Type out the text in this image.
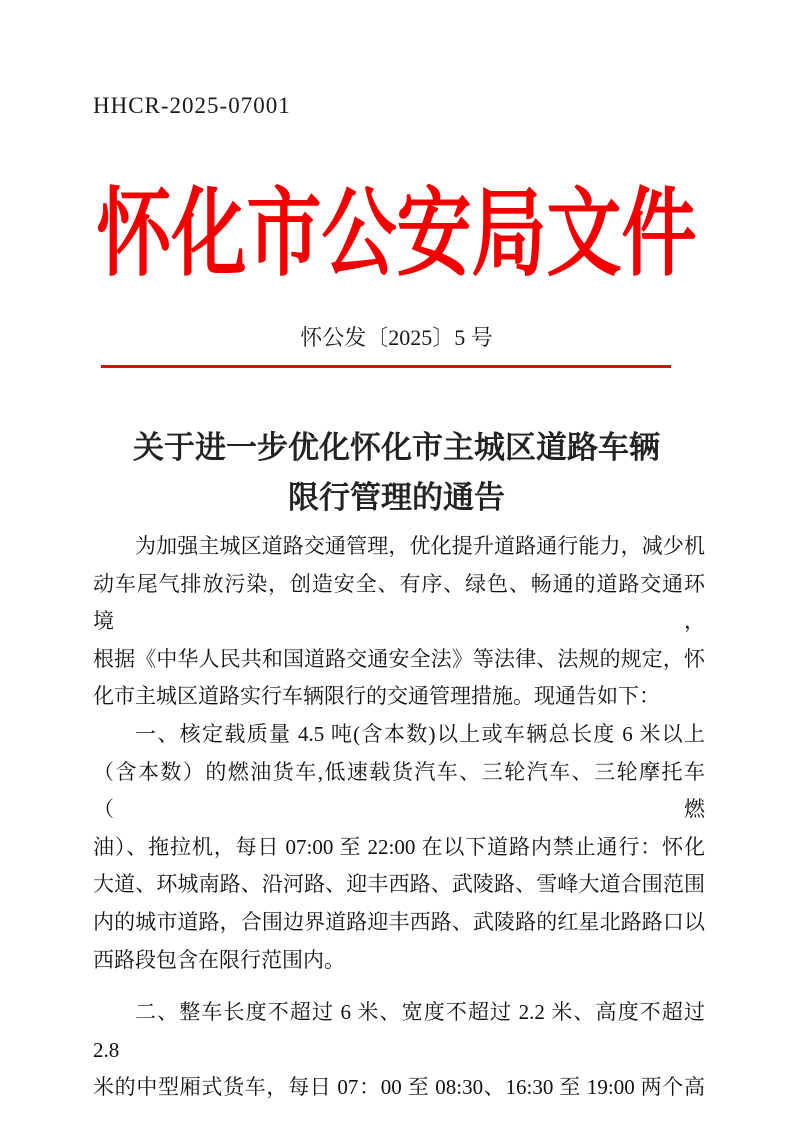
HHCR-2025-07001
怀化市公安局文件
怀公发〔2025〕5 号
关于进一步优化怀化市主城区道路车辆
限行管理的通告
为加强主城区道路交通管理，优化提升道路通行能力，减少机
动车尾气排放污染，创造安全、有序、绿色、畅通的道路交通环境，
根据《中华人民共和国道路交通安全法》等法律、法规的规定，怀
化市主城区道路实行车辆限行的交通管理措施。现通告如下：
一、核定载质量 4.5 吨(含本数)以上或车辆总长度 6 米以上
（含本数）的燃油货车,低速载货汽车、三轮汽车、三轮摩托车（燃
油）、拖拉机，每日 07:00 至 22:00 在以下道路内禁止通行：怀化
大道、环城南路、沿河路、迎丰西路、武陵路、雪峰大道合围范围
内的城市道路，合围边界道路迎丰西路、武陵路的红星北路路口以
西路段包含在限行范围内。
二、整车长度不超过 6 米、宽度不超过 2.2 米、高度不超过 2.8
米的中型厢式货车，每日 07：00 至 08:30、16:30 至 19:00 两个高
